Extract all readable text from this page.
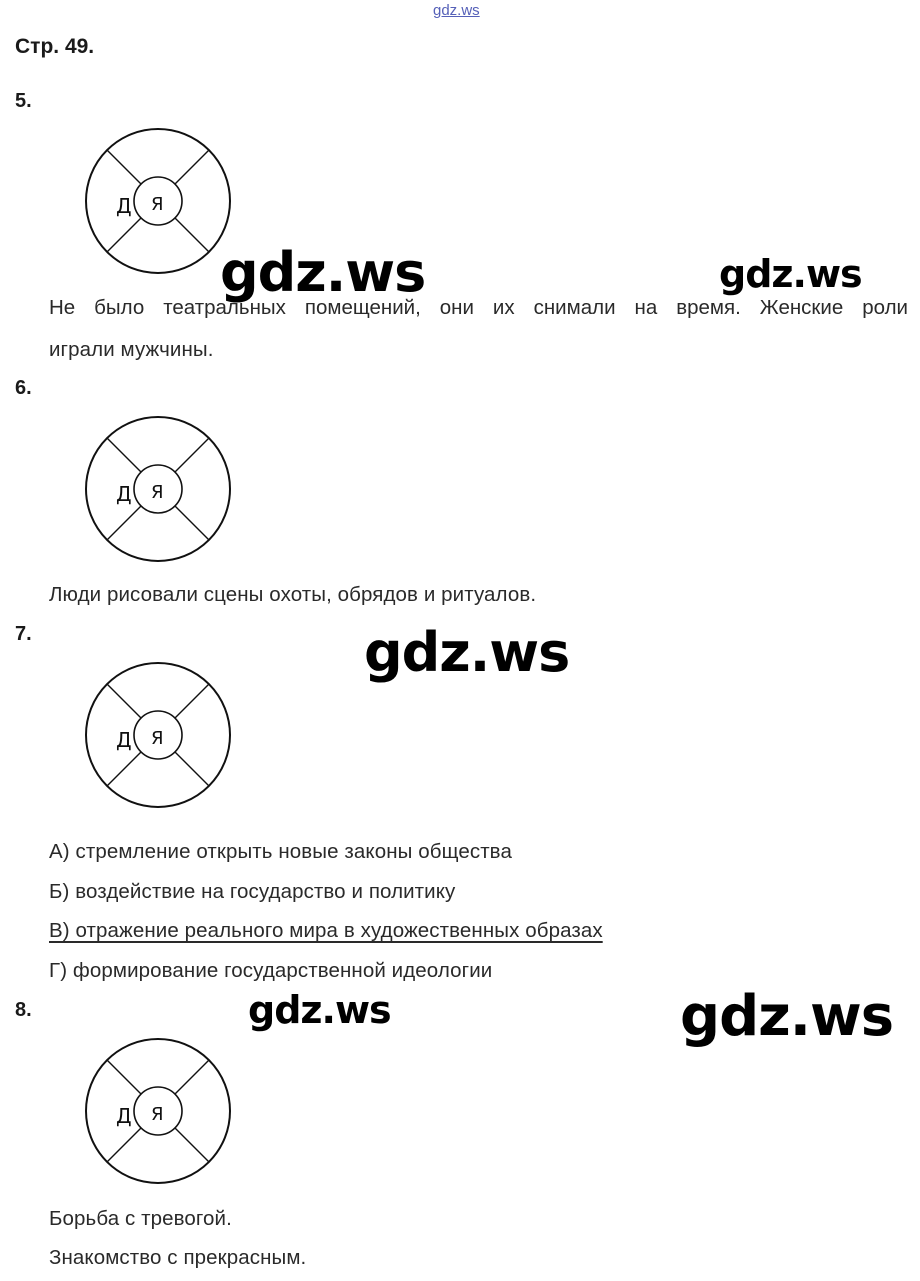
gdz.ws
Стр. 49.
5.
Д Я
Не было театральных помещений, они их снимали на время. Женские роли
играли мужчины.
6.
Д Я
Люди рисовали сцены охоты, обрядов и ритуалов.
7.
Д Я
А) стремление открыть новые законы общества
Б) воздействие на государство и политику
В) отражение реального мира в художественных образах
Г) формирование государственной идеологии
8.
Д Я
Борьба с тревогой.
Знакомство с прекрасным.
gdz.ws	gdz.ws
gdz.ws
gdz.ws	gdz.ws
